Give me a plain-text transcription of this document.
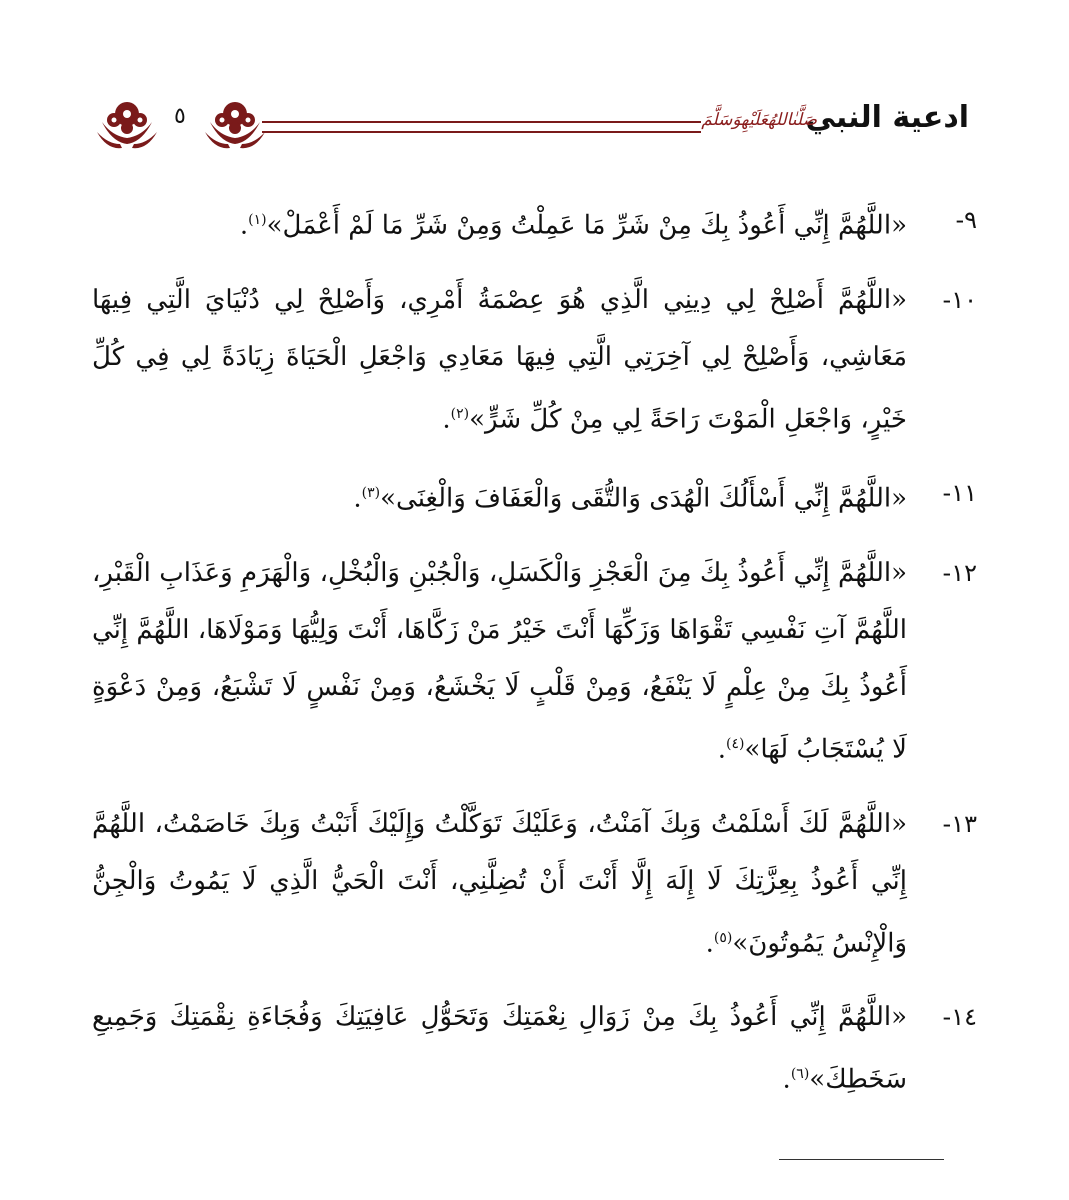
ادعية النبي
صَلَّىٰاللهُعَلَيْهِوَسَلَّمَ
٥
٩-
«اللَّهُمَّ إِنِّي أَعُوذُ بِكَ مِنْ شَرِّ مَا عَمِلْتُ وَمِنْ شَرِّ مَا لَمْ أَعْمَلْ»$^{(١)}$.
١٠-
«اللَّهُمَّ أَصْلِحْ لِي دِينِي الَّذِي هُوَ عِصْمَةُ أَمْرِي، وَأَصْلِحْ لِي دُنْيَايَ الَّتِي فِيهَا مَعَاشِي، وَأَصْلِحْ لِي آخِرَتِي الَّتِي فِيهَا مَعَادِي وَاجْعَلِ الْحَيَاةَ زِيَادَةً لِي فِي كُلِّ خَيْرٍ، وَاجْعَلِ الْمَوْتَ رَاحَةً لِي مِنْ كُلِّ شَرٍّ»$^{(٢)}$.
١١-
«اللَّهُمَّ إِنِّي أَسْأَلُكَ الْهُدَى وَالتُّقَى وَالْعَفَافَ وَالْغِنَى»$^{(٣)}$.
١٢-
«اللَّهُمَّ إِنِّي أَعُوذُ بِكَ مِنَ الْعَجْزِ وَالْكَسَلِ، وَالْجُبْنِ وَالْبُخْلِ، وَالْهَرَمِ وَعَذَابِ الْقَبْرِ، اللَّهُمَّ آتِ نَفْسِي تَقْوَاهَا وَزَكِّهَا أَنْتَ خَيْرُ مَنْ زَكَّاهَا، أَنْتَ وَلِيُّهَا وَمَوْلَاهَا، اللَّهُمَّ إِنِّي أَعُوذُ بِكَ مِنْ عِلْمٍ لَا يَنْفَعُ، وَمِنْ قَلْبٍ لَا يَخْشَعُ، وَمِنْ نَفْسٍ لَا تَشْبَعُ، وَمِنْ دَعْوَةٍ لَا يُسْتَجَابُ لَهَا»$^{(٤)}$.
١٣-
«اللَّهُمَّ لَكَ أَسْلَمْتُ وَبِكَ آمَنْتُ، وَعَلَيْكَ تَوَكَّلْتُ وَإِلَيْكَ أَنَبْتُ وَبِكَ خَاصَمْتُ، اللَّهُمَّ إِنِّي أَعُوذُ بِعِزَّتِكَ لَا إِلَهَ إِلَّا أَنْتَ أَنْ تُضِلَّنِي، أَنْتَ الْحَيُّ الَّذِي لَا يَمُوتُ وَالْجِنُّ وَالْإِنْسُ يَمُوتُونَ»$^{(٥)}$.
١٤-
«اللَّهُمَّ إِنِّي أَعُوذُ بِكَ مِنْ زَوَالِ نِعْمَتِكَ وَتَحَوُّلِ عَافِيَتِكَ وَفُجَاءَةِ نِقْمَتِكَ وَجَمِيعِ سَخَطِكَ»$^{(٦)}$.
